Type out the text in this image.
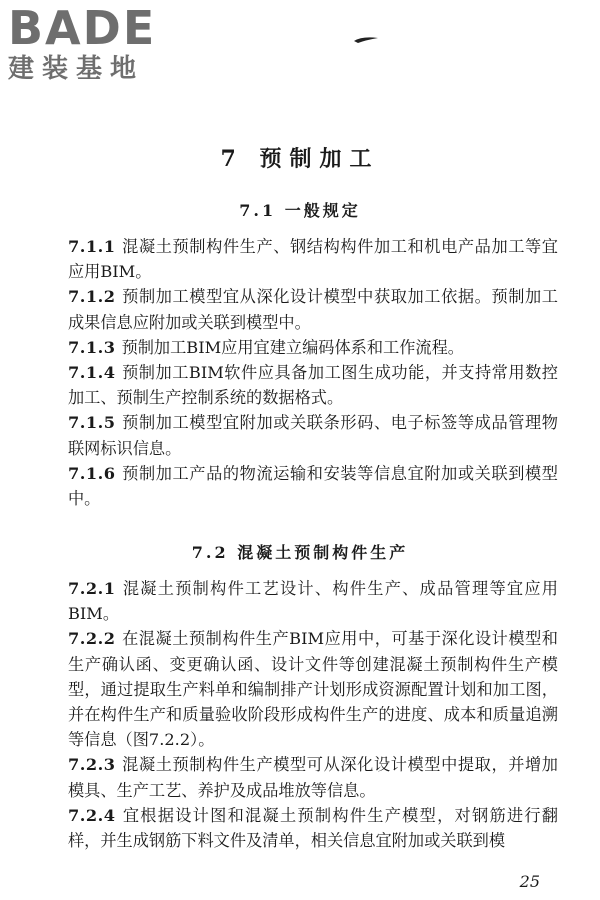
BADE
建装基地
7 预制加工
7.1 一般规定

7.1.1 混凝土预制构件生产、钢结构构件加工和机电产品加工等宜应用BIM。

7.1.2 预制加工模型宜从深化设计模型中获取加工依据。预制加工成果信息应附加或关联到模型中。

7.1.3 预制加工BIM应用宜建立编码体系和工作流程。

7.1.4 预制加工BIM软件应具备加工图生成功能，并支持常用数控加工、预制生产控制系统的数据格式。

7.1.5 预制加工模型宜附加或关联条形码、电子标签等成品管理物联网标识信息。

7.1.6 预制加工产品的物流运输和安装等信息宜附加或关联到模型中。

7.2 混凝土预制构件生产

7.2.1 混凝土预制构件工艺设计、构件生产、成品管理等宜应用BIM。

7.2.2 在混凝土预制构件生产BIM应用中，可基于深化设计模型和生产确认函、变更确认函、设计文件等创建混凝土预制构件生产模型，通过提取生产料单和编制排产计划形成资源配置计划和加工图，并在构件生产和质量验收阶段形成构件生产的进度、成本和质量追溯等信息（图7.2.2）。

7.2.3 混凝土预制构件生产模型可从深化设计模型中提取，并增加模具、生产工艺、养护及成品堆放等信息。

7.2.4 宜根据设计图和混凝土预制构件生产模型，对钢筋进行翻样，并生成钢筋下料文件及清单，相关信息宜附加或关联到模

25
